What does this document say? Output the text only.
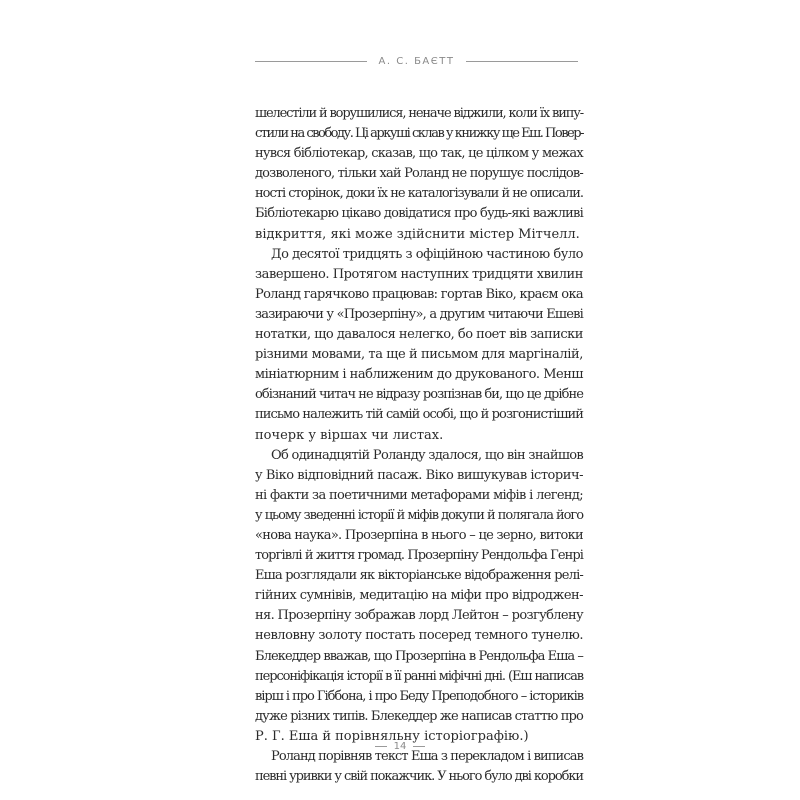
А. С. БАЄТТ
шелестіли й ворушилися, неначе віджили, коли їх випу-
стили на свободу. Ці аркуші склав у книжку ще Еш. Повер-
нувся бібліотекар, сказав, що так, це цілком у межах
дозволеного, тільки хай Роланд не порушує послідов-
ності сторінок, доки їх не каталогізували й не описали.
Бібліотекарю цікаво довідатися про будь-які важливі
відкриття, які може здійснити містер Мітчелл.
До десятої тридцять з офіційною частиною було
завершено. Протягом наступних тридцяти хвилин
Роланд гарячково працював: гортав Віко, краєм ока
зазираючи у «Прозерпіну», а другим читаючи Ешеві
нотатки, що давалося нелегко, бо поет вів записки
різними мовами, та ще й письмом для маргіналій,
мініатюрним і наближеним до друкованого. Менш
обізнаний читач не відразу розпізнав би, що це дрібне
письмо належить тій самій особі, що й розгонистіший
почерк у віршах чи листах.
Об одинадцятій Роланду здалося, що він знайшов
у Віко відповідний пасаж. Віко вишукував історич-
ні факти за поетичними метафорами міфів і легенд;
у цьому зведенні історії й міфів докупи й полягала його
«нова наука». Прозерпіна в нього – це зерно, витоки
торгівлі й життя громад. Прозерпіну Рендольфа Генрі
Еша розглядали як вікторіанське відображення релі-
гійних сумнівів, медитацію на міфи про відроджен-
ня. Прозерпіну зображав лорд Лейтон – розгублену
невловну золоту постать посеред темного тунелю.
Блекеддер вважав, що Прозерпіна в Рендольфа Еша –
персоніфікація історії в її ранні міфічні дні. (Еш написав
вірш і про Гіббона, і про Беду Преподобного – істориків
дуже різних типів. Блекеддер же написав статтю про
Р. Г. Еша й порівняльну історіографію.)
Роланд порівняв текст Еша з перекладом і виписав
певні уривки у свій покажчик. У нього було дві коробки
14
